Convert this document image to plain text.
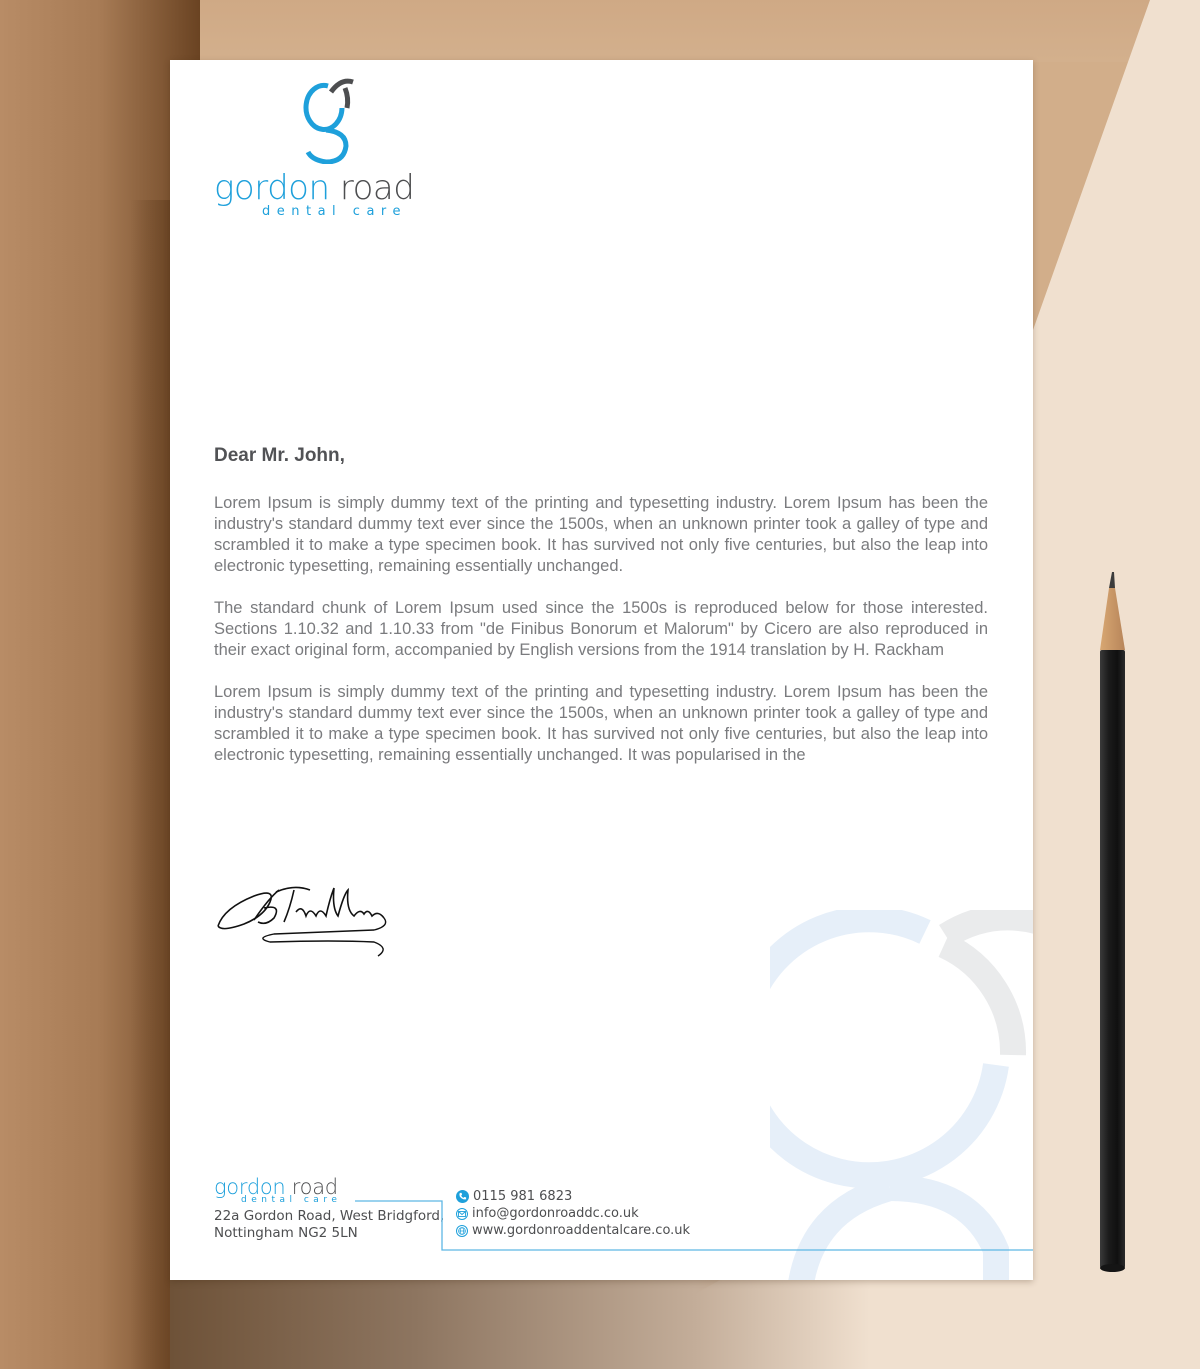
gordon road
dental care
Dear Mr. John,

Lorem Ipsum is simply dummy text of the printing and typesetting industry. Lorem Ipsum has been the industry's standard dummy text ever since the 1500s, when an unknown printer took a galley of type and scrambled it to make a type specimen book. It has survived not only five centuries, but also the leap into electronic typesetting, remaining essentially unchanged.

The standard chunk of Lorem Ipsum used since the 1500s is reproduced below for those interested. Sections 1.10.32 and 1.10.33 from "de Finibus Bonorum et Malorum" by Cicero are also reproduced in their exact original form, accompanied by English versions from the 1914 translation by H. Rackham

Lorem Ipsum is simply dummy text of the printing and typesetting industry. Lorem Ipsum has been the industry's standard dummy text ever since the 1500s, when an unknown printer took a galley of type and scrambled it to make a type specimen book. It has survived not only five centuries, but also the leap into electronic typesetting, remaining essentially unchanged. It was popularised in the

gordon road
dental care
22a Gordon Road, West Bridgford,
Nottingham NG2 5LN
0115 981 6823
info@gordonroaddc.co.uk
www.gordonroaddentalcare.co.uk
